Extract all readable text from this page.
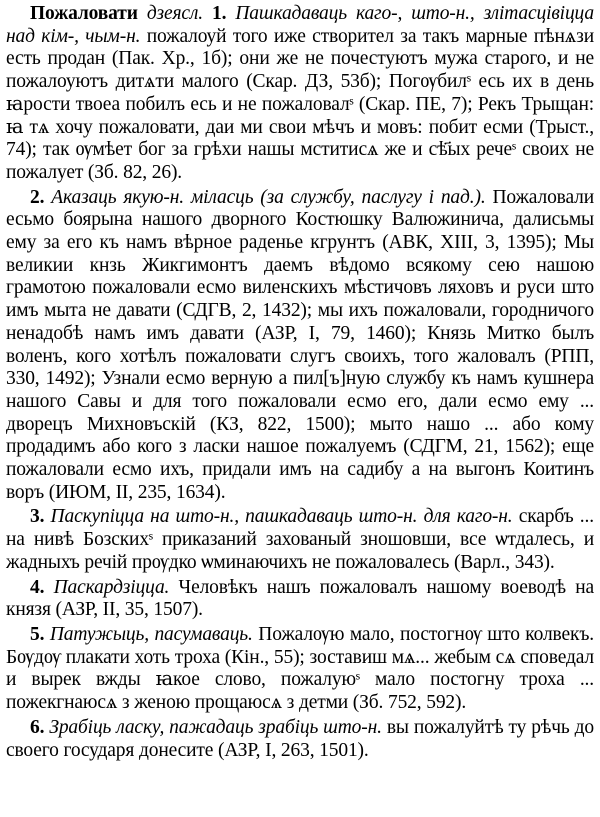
Пожаловати дзеясл. 1. Пашкадаваць каго-, што-н., злітасцівіцца над кім-, чым-н. пожалоуй того иже створител за такъ марные пѣнѧзи есть продан (Пак. Хр., 1б); они же не почестуютъ мужа старого, и не пожалоуютъ дитѧти малого (Скар. ДЗ, 53б); Погѹбилˢ есь их в день ꙗрости твоеа побилъ есь и не пожаловалˢ (Скар. ПЕ, 7); Рекъ Трыщан: ꙗ тѧ хочу пожаловати, даи ми свои мѣчъ и мовъ: побит есми (Трыст., 74); так ѹмѣет бог за грѣхи нашы мститисѧ же и сѣ҃ых речеˢ своих не пожалует (Зб. 82, 26).

2. Аказаць якую-н. міласць (за службу, паслугу і пад.). Пожаловали есьмо боярына нашого дворного Костюшку Валюжинича, далисьмы ему за его къ намъ вѣрное раденье кгрунтъ (АВК, XIII, 3, 1395); Мы великии кнзь Жикгимонтъ даемъ вѣдомо всякому сею нашою грамотою пожаловали есмо виленскихъ мѣстичовъ ляховъ и руси што имъ мыта не давати (СДГВ, 2, 1432); мы ихъ пожаловали, городничого ненадобѣ намъ имъ давати (АЗР, I, 79, 1460); Князь Митко былъ воленъ, кого хотѣлъ пожаловати слугъ своихъ, того жаловалъ (РПП, 330, 1492); Узнали есмо верную а пил[ъ]ную службу къ намъ кушнера нашого Савы и для того пожаловали есмо его, дали есмо ему ... дворецъ Михновъскій (КЗ, 822, 1500); мыто нашо ... або кому продадимъ або кого з ласки нашое пожалуемъ (СДГМ, 21, 1562); еще пожаловали есмо ихъ, придали имъ на садибу а на выгонъ Коитинъ воръ (ИЮМ, II, 235, 1634).

3. Паскупіцца на што-н., пашкадаваць што-н. для каго-н. скарбъ ... на нивѣ Бозскихˢ приказаний захованый зношовши, все ѡтдалесь, и жадныхъ речій прѹдко ѡминаючихъ не пожаловалесь (Варл., 343).

4. Паскардзіцца. Человѣкъ нашъ пожаловалъ нашому воеводѣ на князя (АЗР, II, 35, 1507).

5. Патужыць, пасумаваць. Пожалѹю мало, постогнѹ што колвекъ. Бѹдѹ плакати хоть троха (Кін., 55); зоставиш мѧ... жебым сѧ споведал и вырек вжды ꙗкое слово, пожалуюˢ мало постогну троха ... пожекгнаюсѧ з женою прощаюсѧ з детми (Зб. 752, 592).

6. Зрабіць ласку, пажадаць зрабіць што-н. вы пожалуйтѣ ту рѣчь до своего государя донесите (АЗР, I, 263, 1501).
